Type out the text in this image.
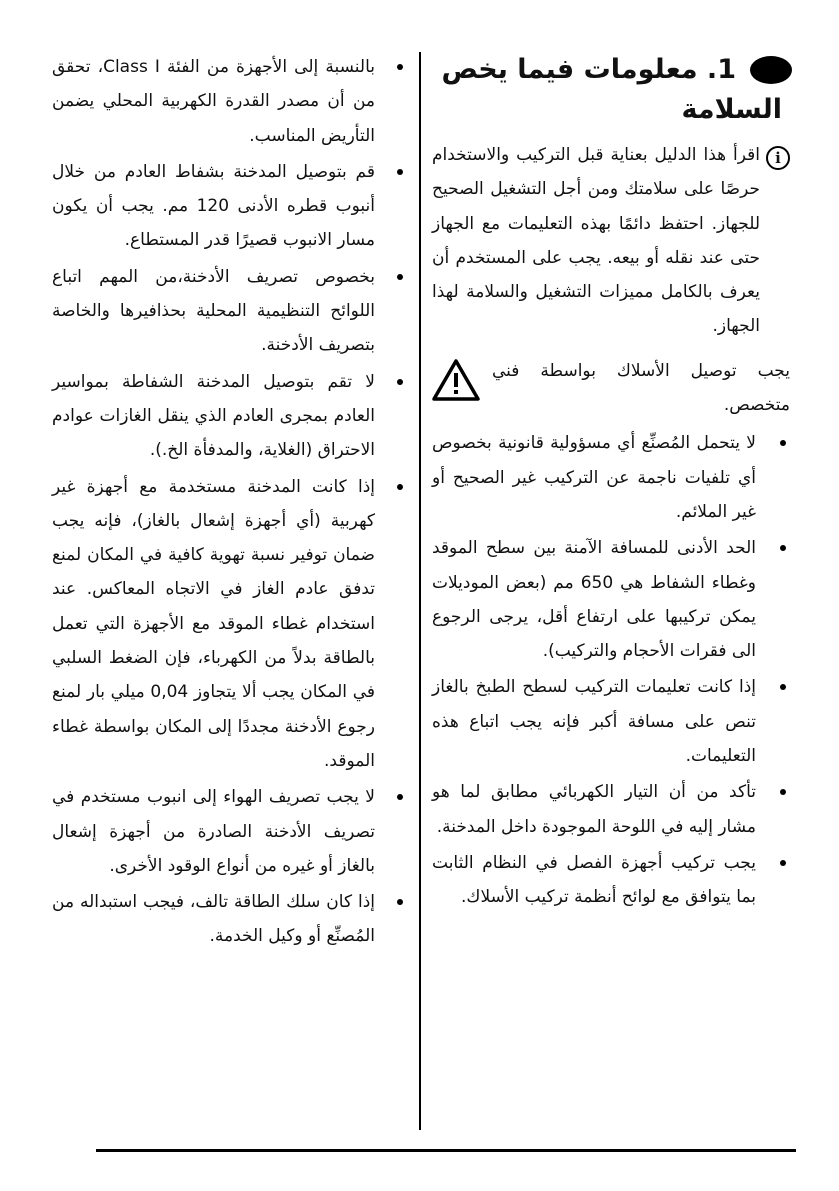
1. معلومات فيما يخص
السلامة
i

اقرأ هذا الدليل بعناية قبل التركيب والاستخدام حرصًا على سلامتك ومن أجل التشغيل الصحيح للجهاز. احتفظ دائمًا بهذه التعليمات مع الجهاز حتى عند نقله أو بيعه. يجب على المستخدم أن يعرف بالكامل مميزات التشغيل والسلامة لهذا الجهاز.

يجب توصيل الأسلاك بواسطة فني متخصص.

لا يتحمل المُصنِّع أي مسؤولية قانونية بخصوص أي تلفيات ناجمة عن التركيب غير الصحيح أو غير الملائم.

الحد الأدنى للمسافة الآمنة بين سطح الموقد وغطاء الشفاط هي 650 مم (بعض الموديلات يمكن تركيبها على ارتفاع أقل، يرجى الرجوع الى فقرات الأحجام والتركيب).

إذا كانت تعليمات التركيب لسطح الطبخ بالغاز تنص على مسافة أكبر فإنه يجب اتباع هذه التعليمات.

تأكد من أن التيار الكهربائي مطابق لما هو مشار إليه في اللوحة الموجودة داخل المدخنة.

يجب تركيب أجهزة الفصل في النظام الثابت بما يتوافق مع لوائح أنظمة تركيب الأسلاك.

بالنسبة إلى الأجهزة من الفئة Class I، تحقق من أن مصدر القدرة الكهربية المحلي يضمن التأريض المناسب.

قم بتوصيل المدخنة بشفاط العادم من خلال أنبوب قطره الأدنى 120 مم. يجب أن يكون مسار الانبوب قصيرًا قدر المستطاع.

بخصوص تصريف الأدخنة،من المهم اتباع اللوائح التنظيمية المحلية بحذافيرها والخاصة بتصريف الأدخنة.

لا تقم بتوصيل المدخنة الشفاطة بمواسير العادم بمجرى العادم الذي ينقل الغازات عوادم الاحتراق (الغلاية، والمدفأة الخ.).

إذا كانت المدخنة مستخدمة مع أجهزة غير كهربية (أي أجهزة إشعال بالغاز)، فإنه يجب ضمان توفير نسبة تهوية كافية في المكان لمنع تدفق عادم الغاز في الاتجاه المعاكس. عند استخدام غطاء الموقد مع الأجهزة التي تعمل بالطاقة بدلاً من الكهرباء، فإن الضغط السلبي في المكان يجب ألا يتجاوز 0,04 ميلي بار لمنع رجوع الأدخنة مجددًا إلى المكان بواسطة غطاء الموقد.

لا يجب تصريف الهواء إلى انبوب مستخدم في تصريف الأدخنة الصادرة من أجهزة إشعال بالغاز أو غيره من أنواع الوقود الأخرى.

إذا كان سلك الطاقة تالف، فيجب استبداله من المُصنِّع أو وكيل الخدمة.
